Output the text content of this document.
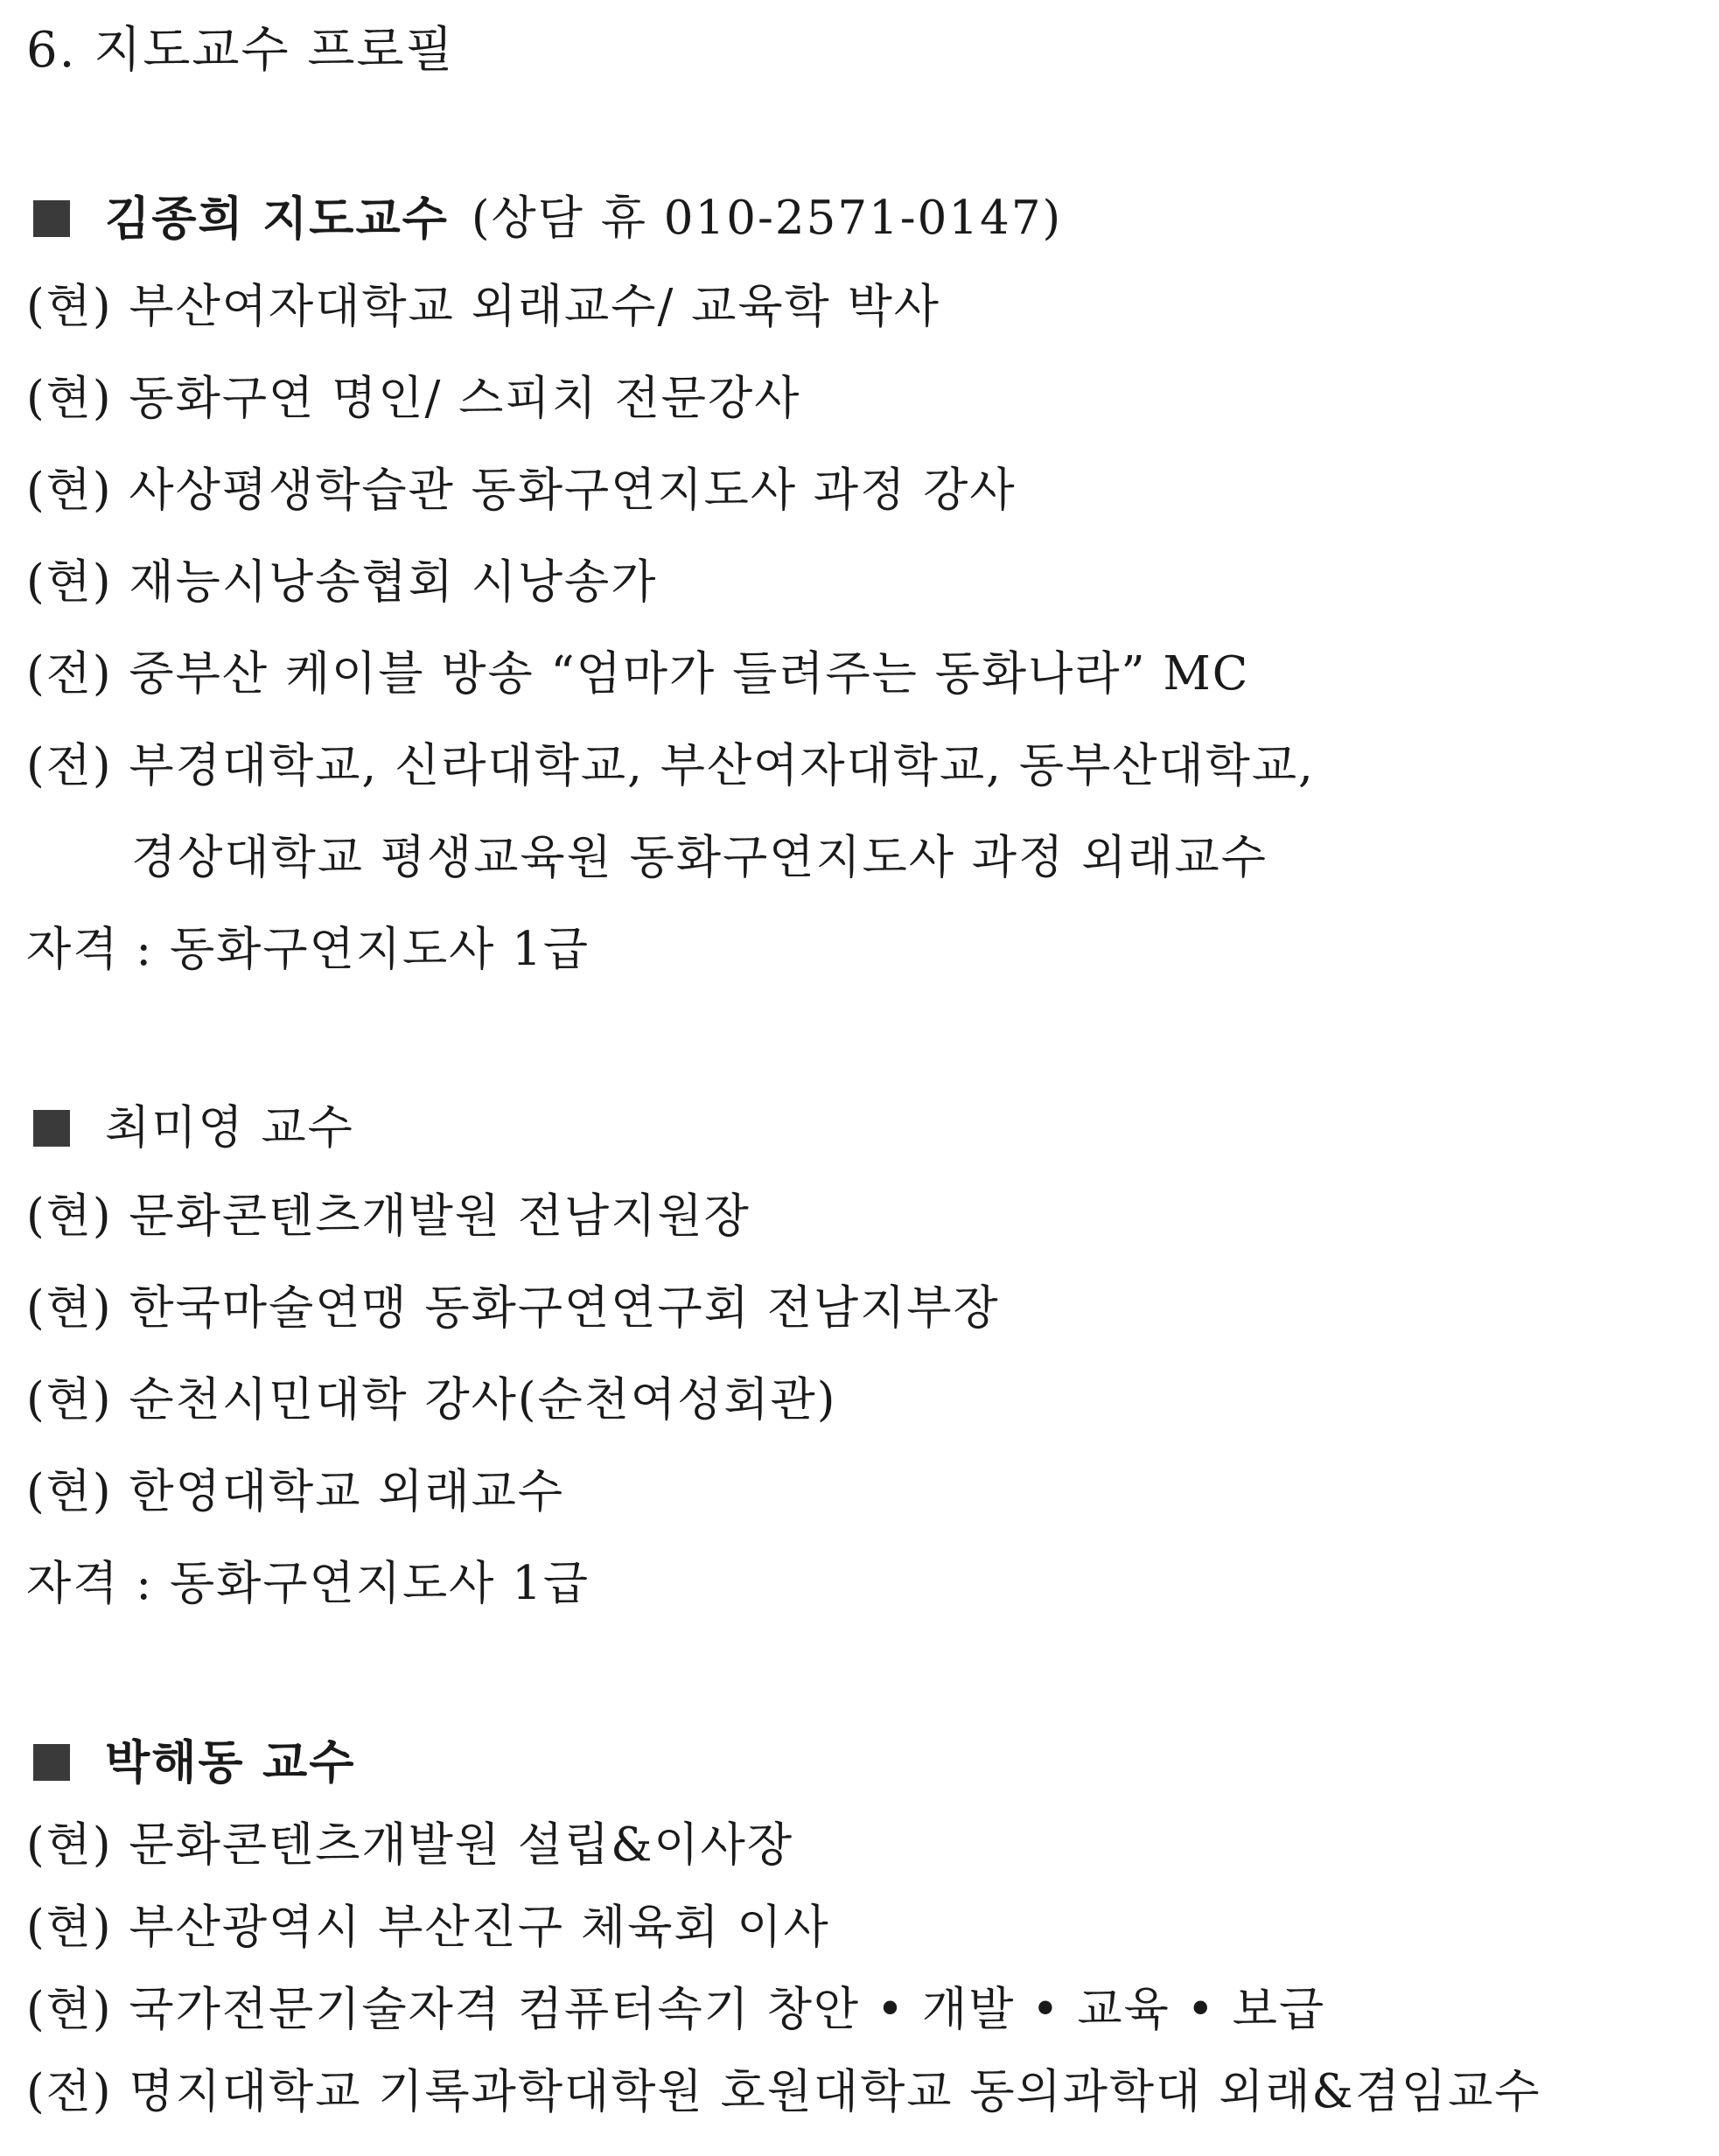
6. 지도교수 프로필
김종희 지도교수 (상담 휴 010-2571-0147)
(현) 부산여자대학교 외래교수/ 교육학 박사
(현) 동화구연 명인/ 스피치 전문강사
(현) 사상평생학습관 동화구연지도사 과정 강사
(현) 재능시낭송협회 시낭송가
(전) 중부산 케이블 방송 “엄마가 들려주는 동화나라” MC
(전) 부경대학교, 신라대학교, 부산여자대학교, 동부산대학교,
경상대학교 평생교육원 동화구연지도사 과정 외래교수
자격 : 동화구연지도사 1급
최미영 교수
(현) 문화콘텐츠개발원 전남지원장
(현) 한국마술연맹 동화구연연구회 전남지부장
(현) 순천시민대학 강사(순천여성회관)
(현) 한영대학교 외래교수
자격 : 동화구연지도사 1급
박해동 교수
(현) 문화콘텐츠개발원 설립&이사장
(현) 부산광역시 부산진구 체육회 이사
(현) 국가전문기술자격 컴퓨터속기 창안 • 개발 • 교육 • 보급
(전) 명지대학교 기록과학대학원 호원대학교 동의과학대 외래&겸임교수
